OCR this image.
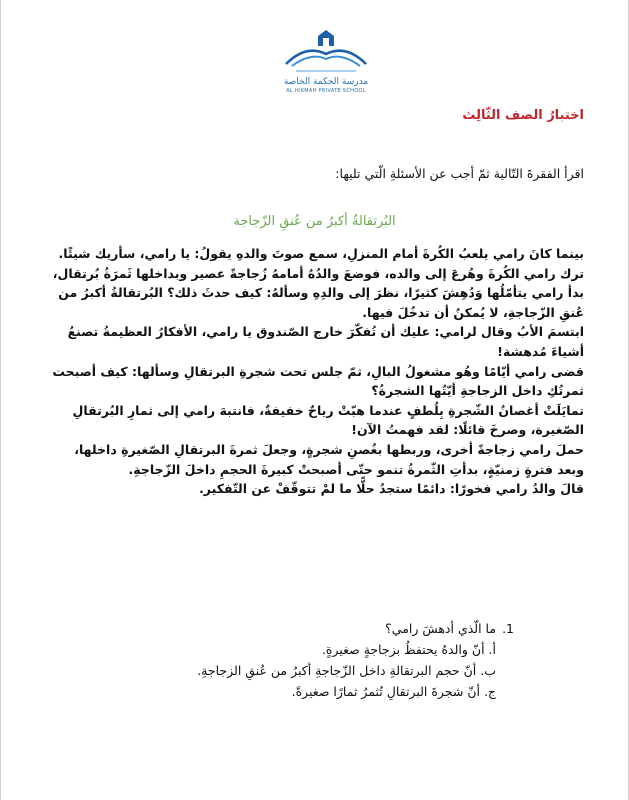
مدرسة الحكمة الخاصة
AL HIKMAH PRIVATE SCHOOL
اختبارُ الصف الثّالِث
اقرأ الفقرةَ التّالية ثمّ أجب عن الأسئلةِ الّتي تليها:
البُرتقالةُ أكبرُ من عُنقِ الزّجاجة

بينما كانَ رامي يلعبُ الكُرةَ أمام المنزلِ، سمع صوتَ والدهِ يقولُ: يا رامي، سأريك شيئًا.

ترك رامي الكُرةَ وهُرعَ إلى والده، فوضعَ والدُهُ أمامهُ زُجاجةً عصير وبداخلها ثَمرَةُ بُرتقال، بدأ رامي يتأمّلُها وَدُهِشَ كثيرًا، نظرَ إلى والدِهِ وسألهُ: كيف حدثَ ذلك؟ البُرتقالةُ أكبرُ من عُنقِ الزّجاجةِ، لا يُمكنُ أن تدخُلَ فيها.

ابتسمَ الأبُ وقال لرامي: عليك أن تُفكّرَ خارج الصّندوق يا رامي، الأفكارُ العظيمةُ تصنعُ أشياءَ مُدهشة!

قضى رامي أيّامًا وهُو مشغولُ البالِ، ثمّ جلس تحت شجرةِ البرتقالِ وسألها: كيف أصبحت ثمرتُكِ داخل الزجاجةِ أيّتُها الشجرةُ؟

تمايَلَتْ أغصانُ الشّجرةِ بِلُطفٍ عندما هبّتْ رياحٌ خفيفةٌ، فانتبهَ رامي إلى ثمارِ البُرتقالِ الصّغيرة، وصرخَ قائلًا: لقد فهمتُ الآن!

حملَ رامي زجاجةً أخرى، وربطها بغُصنِ شجرةٍ، وجعلَ ثمرةَ البرتقالِ الصّغيرةِ داخلها، وبعد فترةٍ زمنيّةٍ، بدأتِ الثّمرةُ تنمو حتّى أصبحتْ كبيرةَ الحجمِ داخلَ الزّجاجةِ.

قالَ والدُ رامي فخورًا: دائمًا ستجدُ حلًّا ما لمْ تتوقّفْ عن التّفكير.

1.ما الّذي أدهشَ رامي؟
أ. أنّ والدهُ يحتفظُ بزجاجةٍ صغيرةٍ.
ب. أنّ حجم البرتقالةِ داخل الزّجاجةِ أكبرُ من عُنقِ الزجاجةِ.
ج. أنّ شجرةَ البرتقالِ تُثمرُ ثمارًا صغيرةً.
